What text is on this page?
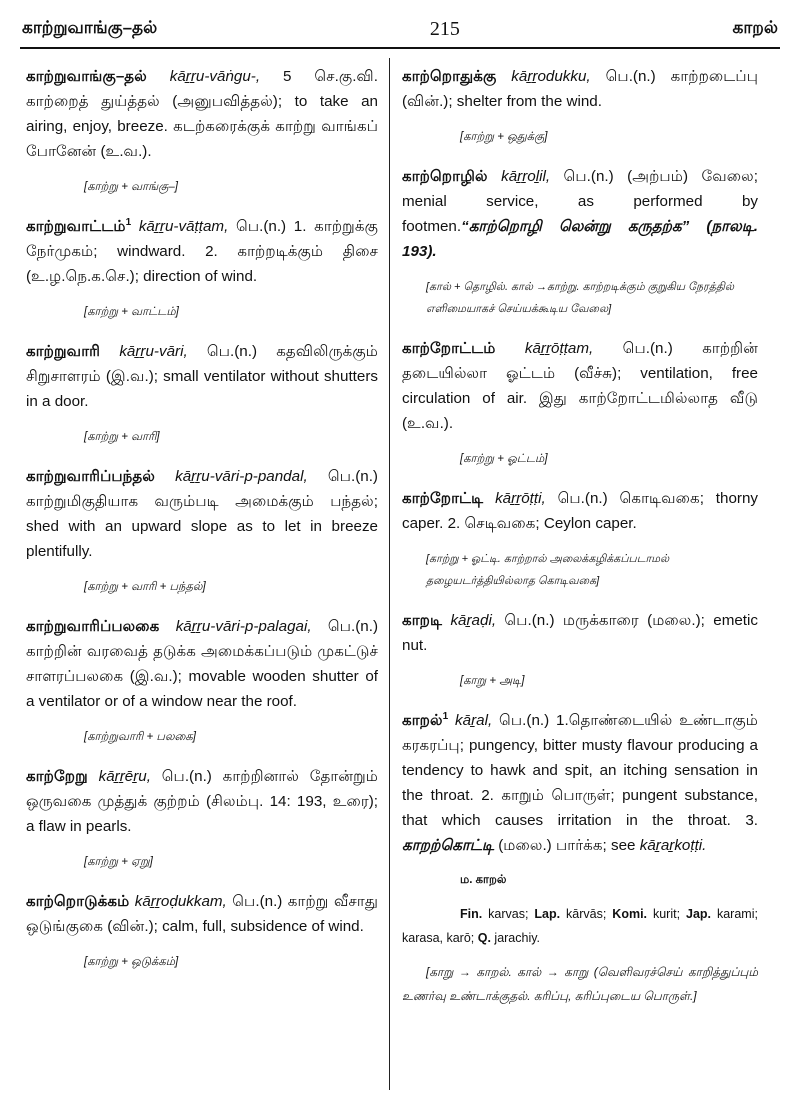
காற்றுவாங்கு–தல்	215	காறல்

காற்றுவாங்கு–தல் kāṟṟu-vāṅgu-, 5 செ.கு.வி. காற்றைத் துய்த்தல் (அனுபவித்தல்); to take an airing, enjoy, breeze. கடற்கரைக்குக் காற்று வாங்கப் போனேன் (உ.வ.).

[காற்று + வாங்கு–]

காற்றுவாட்டம்$^1$ kāṟṟu-vāṭṭam, பெ.(n.) 1. காற்றுக்கு நேர்முகம்; windward. 2. காற்றடிக்கும் திசை (உ.ழ.நெ.க.செ.); direction of wind.

[காற்று + வாட்டம்]

காற்றுவாரி kāṟṟu-vāri, பெ.(n.) கதவிலிருக்கும் சிறுசாளரம் (இ.வ.); small ventilator without shutters in a door.

[காற்று + வாரி]

காற்றுவாரிப்பந்தல் kāṟṟu-vāri-p-pandal, பெ.(n.) காற்றுமிகுதியாக வரும்படி அமைக்கும் பந்தல்; shed with an upward slope as to let in breeze plentifully.

[காற்று + வாரி + பந்தல்]

காற்றுவாரிப்பலகை kāṟṟu-vāri-p-palagai, பெ.(n.) காற்றின் வரவைத் தடுக்க அமைக்கப்படும் முகட்டுச் சாளரப்பலகை (இ.வ.); movable wooden shutter of a ventilator or of a window near the roof.

[காற்றுவாரி + பலகை]

காற்றேறு kāṟṟēṟu, பெ.(n.) காற்றினால் தோன்றும் ஒருவகை முத்துக் குற்றம் (சிலம்பு. 14: 193, உரை); a flaw in pearls.

[காற்று + ஏறு]

காற்றொடுக்கம் kāṟṟoḍukkam, பெ.(n.) காற்று வீசாது ஒடுங்குகை (வின்.); calm, full, subsidence of wind.

[காற்று + ஒடுக்கம்]

காற்றொதுக்கு kāṟṟodukku, பெ.(n.) காற்றடைப்பு (வின்.); shelter from the wind.

[காற்று + ஒதுக்கு]

காற்றொழில் kāṟṟoḻil, பெ.(n.) (அற்பம்) வேலை; menial service, as performed by footmen.“காற்றொழி லென்று கருதற்க” (நாலடி. 193).

[கால் + தொழில். கால் →காற்று. காற்றடிக்கும் குறுகிய நேரத்தில் எளிமையாகச் செய்யக்கூடிய வேலை]

காற்றோட்டம் kāṟṟōṭṭam, பெ.(n.) காற்றின் தடையில்லா ஓட்டம் (வீச்சு); ventilation, free circulation of air. இது காற்றோட்டமில்லாத வீடு (உ.வ.).

[காற்று + ஓட்டம்]

காற்றோட்டி kāṟṟōṭṭi, பெ.(n.) கொடிவகை; thorny caper. 2. செடிவகை; Ceylon caper.

[காற்று + ஓட்டி. காற்றால் அலைக்கழிக்கப்படாமல் தழையடர்த்தியில்லாத கொடிவகை]

காறடி kāṟaḍi, பெ.(n.) மருக்காரை (மலை.); emetic nut.

[காறு + அடி]

காறல்$^1$ kāṟal, பெ.(n.) 1.தொண்டையில் உண்டாகும் கரகரப்பு; pungency, bitter musty flavour producing a tendency to hawk and spit, an itching sensation in the throat. 2. காறும் பொருள்; pungent substance, that which causes irritation in the throat. 3. காறற்கொட்டி (மலை.) பார்க்க; see kāṟaṟkoṭṭi.

ம. காறல்

Fin. karvas; Lap. kārvās; Komi. kurit; Jap. karami; karasa, karō; Q. jarachiy.

[காறு → காறல். கால் → காறு (வெளிவரச்செய் காறித்துப்பும் உணர்வு உண்டாக்குதல். கரிப்பு, கரிப்புடைய பொருள்.]
